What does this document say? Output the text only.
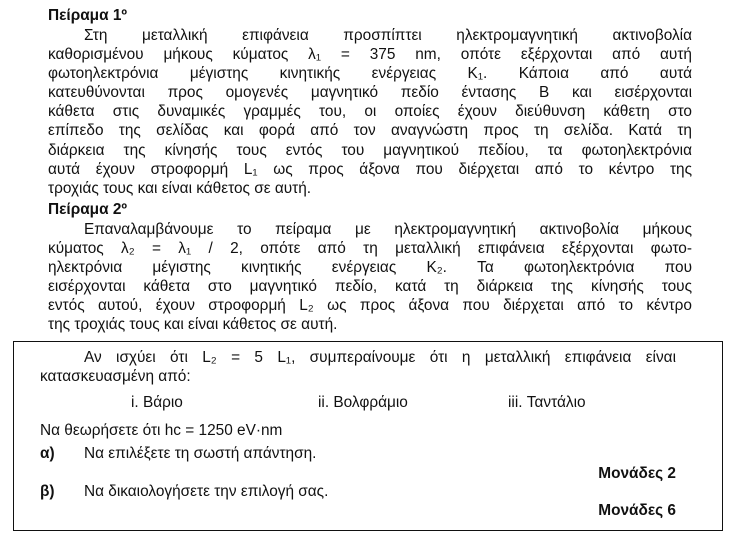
Πείραμα 1º
Στη μεταλλική επιφάνεια προσπίπτει ηλεκτρομαγνητική ακτινοβολία
καθορισμένου μήκους κύματος λ₁ = 375 nm, οπότε εξέρχονται από αυτή
φωτοηλεκτρόνια μέγιστης κινητικής ενέργειας K₁. Κάποια από αυτά
κατευθύνονται προς ομογενές μαγνητικό πεδίο έντασης B και εισέρχονται
κάθετα στις δυναμικές γραμμές του, οι οποίες έχουν διεύθυνση κάθετη στο
επίπεδο της σελίδας και φορά από τον αναγνώστη προς τη σελίδα. Κατά τη
διάρκεια της κίνησής τους εντός του μαγνητικού πεδίου, τα φωτοηλεκτρόνια
αυτά έχουν στροφορμή L₁ ως προς άξονα που διέρχεται από το κέντρο της
τροχιάς τους και είναι κάθετος σε αυτή.
Πείραμα 2º
Επαναλαμβάνουμε το πείραμα με ηλεκτρομαγνητική ακτινοβολία μήκους
κύματος λ₂ = λ₁ / 2, οπότε από τη μεταλλική επιφάνεια εξέρχονται φωτο-
ηλεκτρόνια μέγιστης κινητικής ενέργειας K₂. Τα φωτοηλεκτρόνια που
εισέρχονται κάθετα στο μαγνητικό πεδίο, κατά τη διάρκεια της κίνησής τους
εντός αυτού, έχουν στροφορμή L₂ ως προς άξονα που διέρχεται από το κέντρο
της τροχιάς τους και είναι κάθετος σε αυτή.
Αν ισχύει ότι L₂ = 5 L₁, συμπεραίνουμε ότι η μεταλλική επιφάνεια είναι
κατασκευασμένη από:
i. Βάριο	ii. Βολφράμιο	iii. Ταντάλιο
Να θεωρήσετε ότι hc = 1250 eV·nm
α) Να επιλέξετε τη σωστή απάντηση.
Μονάδες 2
β) Να δικαιολογήσετε την επιλογή σας.
Μονάδες 6
